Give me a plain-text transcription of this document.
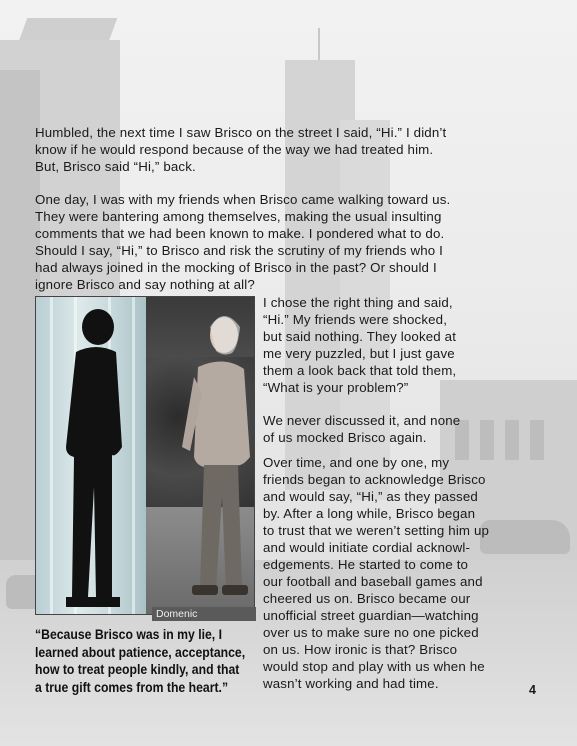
Humbled, the next time I saw Brisco on the street I said, “Hi.” I didn’t
know if he would respond because of the way we had treated him.
But, Brisco said “Hi,” back.

One day, I was with my friends when Brisco came walking toward us.
They were bantering among themselves, making the usual insulting
comments that we had been known to make. I pondered what to do.
Should I say, “Hi,” to Brisco and risk the scrutiny of my friends who I
had always joined in the mocking of Brisco in the past? Or should I
ignore Brisco and say nothing at all?

Domenic

I chose the right thing and said,
“Hi.” My friends were shocked,
but said nothing. They looked at
me very puzzled, but I just gave
them a look back that told them,
“What is your problem?”

We never discussed it, and none
of us mocked Brisco again.

Over time, and one by one, my
friends began to acknowledge Brisco
and would say, “Hi,” as they passed
by. After a long while, Brisco began
to trust that we weren’t setting him up
and would initiate cordial acknowl-
edgements. He started to come to
our football and baseball games and
cheered us on. Brisco became our
unofficial street guardian—watching
over us to make sure no one picked
on us. How ironic is that? Brisco
would stop and play with us when he
wasn’t working and had time.

“Because Brisco was in my lie, I
learned about patience, acceptance,
how to treat people kindly, and that
a true gift comes from the heart.”	4
